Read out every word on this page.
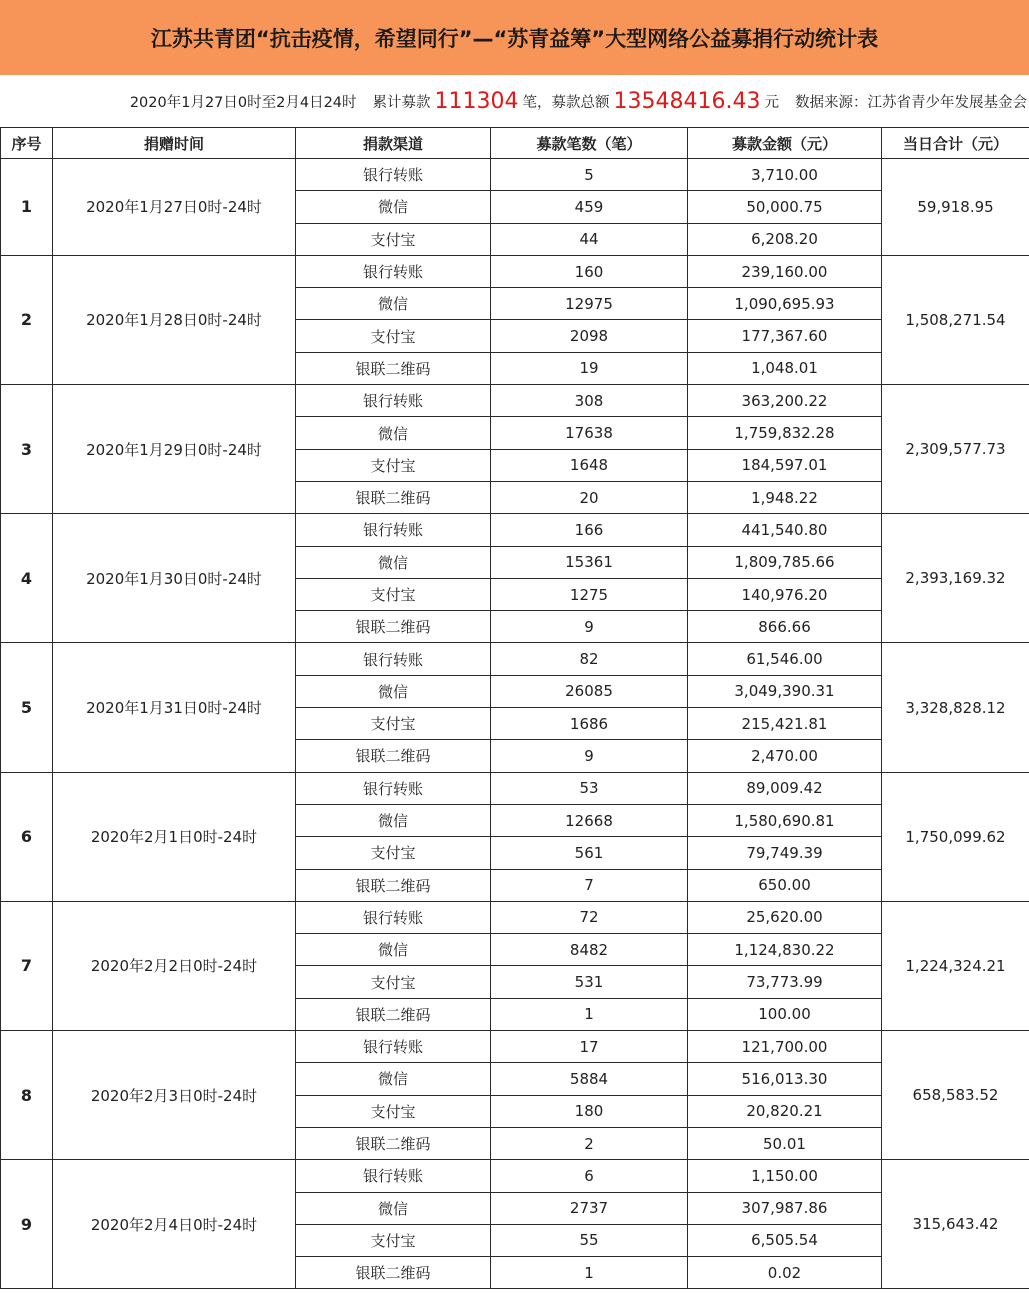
江苏共青团“抗击疫情，希望同行”—“苏青益筹”大型网络公益募捐行动统计表
2020年1月27日0时至2月4日24时 累计募款 111304 笔，募款总额 13548416.43 元 数据来源：江苏省青少年发展基金会
序号	捐赠时间	捐款渠道	募款笔数（笔）	募款金额（元）	当日合计（元）
1	2020年1月27日0时-24时	银行转账	5	3,710.00	59,918.95
		微信	459	50,000.75	
		支付宝	44	6,208.20	
2	2020年1月28日0时-24时	银行转账	160	239,160.00	1,508,271.54
		微信	12975	1,090,695.93	
		支付宝	2098	177,367.60	
		银联二维码	19	1,048.01	
3	2020年1月29日0时-24时	银行转账	308	363,200.22	2,309,577.73
		微信	17638	1,759,832.28	
		支付宝	1648	184,597.01	
		银联二维码	20	1,948.22	
4	2020年1月30日0时-24时	银行转账	166	441,540.80	2,393,169.32
		微信	15361	1,809,785.66	
		支付宝	1275	140,976.20	
		银联二维码	9	866.66	
5	2020年1月31日0时-24时	银行转账	82	61,546.00	3,328,828.12
		微信	26085	3,049,390.31	
		支付宝	1686	215,421.81	
		银联二维码	9	2,470.00	
6	2020年2月1日0时-24时	银行转账	53	89,009.42	1,750,099.62
		微信	12668	1,580,690.81	
		支付宝	561	79,749.39	
		银联二维码	7	650.00	
7	2020年2月2日0时-24时	银行转账	72	25,620.00	1,224,324.21
		微信	8482	1,124,830.22	
		支付宝	531	73,773.99	
		银联二维码	1	100.00	
8	2020年2月3日0时-24时	银行转账	17	121,700.00	658,583.52
		微信	5884	516,013.30	
		支付宝	180	20,820.21	
		银联二维码	2	50.01	
9	2020年2月4日0时-24时	银行转账	6	1,150.00	315,643.42
		微信	2737	307,987.86	
		支付宝	55	6,505.54	
		银联二维码	1	0.02	
